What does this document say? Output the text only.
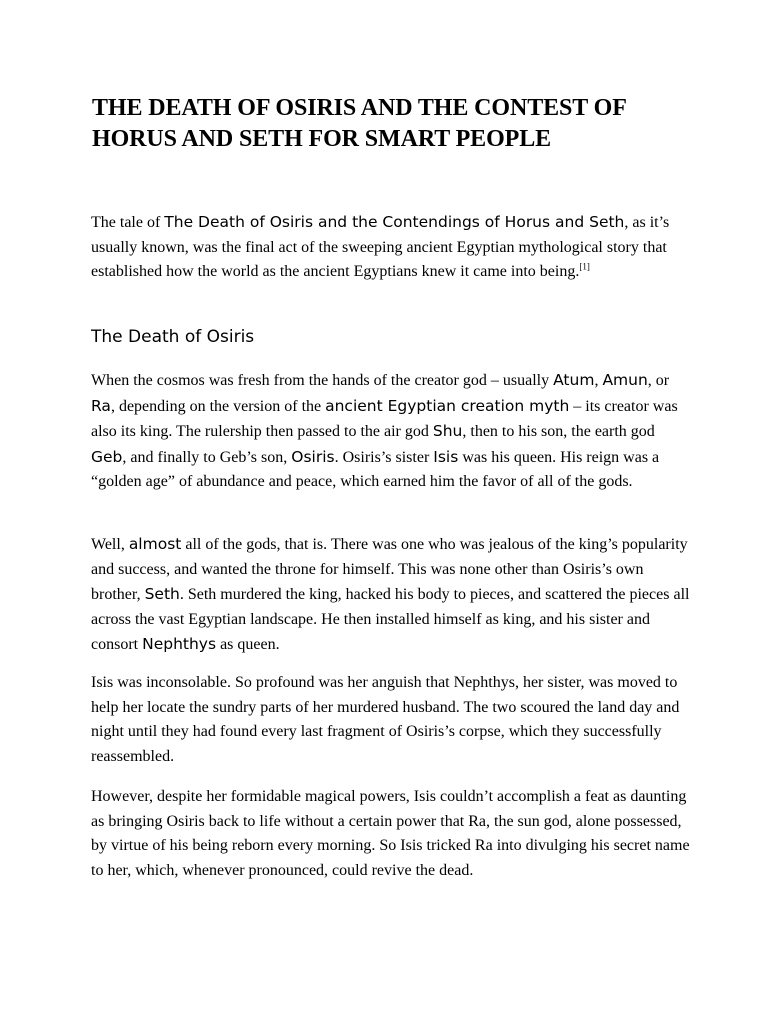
THE DEATH OF OSIRIS AND THE CONTEST OF HORUS AND SETH FOR SMART PEOPLE

The tale of The Death of Osiris and the Contendings of Horus and Seth, as it’s usually known, was the final act of the sweeping ancient Egyptian mythological story that established how the world as the ancient Egyptians knew it came into being.[1]

The Death of Osiris

When the cosmos was fresh from the hands of the creator god – usually Atum, Amun, or Ra, depending on the version of the ancient Egyptian creation myth – its creator was also its king. The rulership then passed to the air god Shu, then to his son, the earth god Geb, and finally to Geb’s son, Osiris. Osiris’s sister Isis was his queen. His reign was a “golden age” of abundance and peace, which earned him the favor of all of the gods.

Well, almost all of the gods, that is. There was one who was jealous of the king’s popularity and success, and wanted the throne for himself. This was none other than Osiris’s own brother, Seth. Seth murdered the king, hacked his body to pieces, and scattered the pieces all across the vast Egyptian landscape. He then installed himself as king, and his sister and consort Nephthys as queen.

Isis was inconsolable. So profound was her anguish that Nephthys, her sister, was moved to help her locate the sundry parts of her murdered husband. The two scoured the land day and night until they had found every last fragment of Osiris’s corpse, which they successfully reassembled.

However, despite her formidable magical powers, Isis couldn’t accomplish a feat as daunting as bringing Osiris back to life without a certain power that Ra, the sun god, alone possessed, by virtue of his being reborn every morning. So Isis tricked Ra into divulging his secret name to her, which, whenever pronounced, could revive the dead.
